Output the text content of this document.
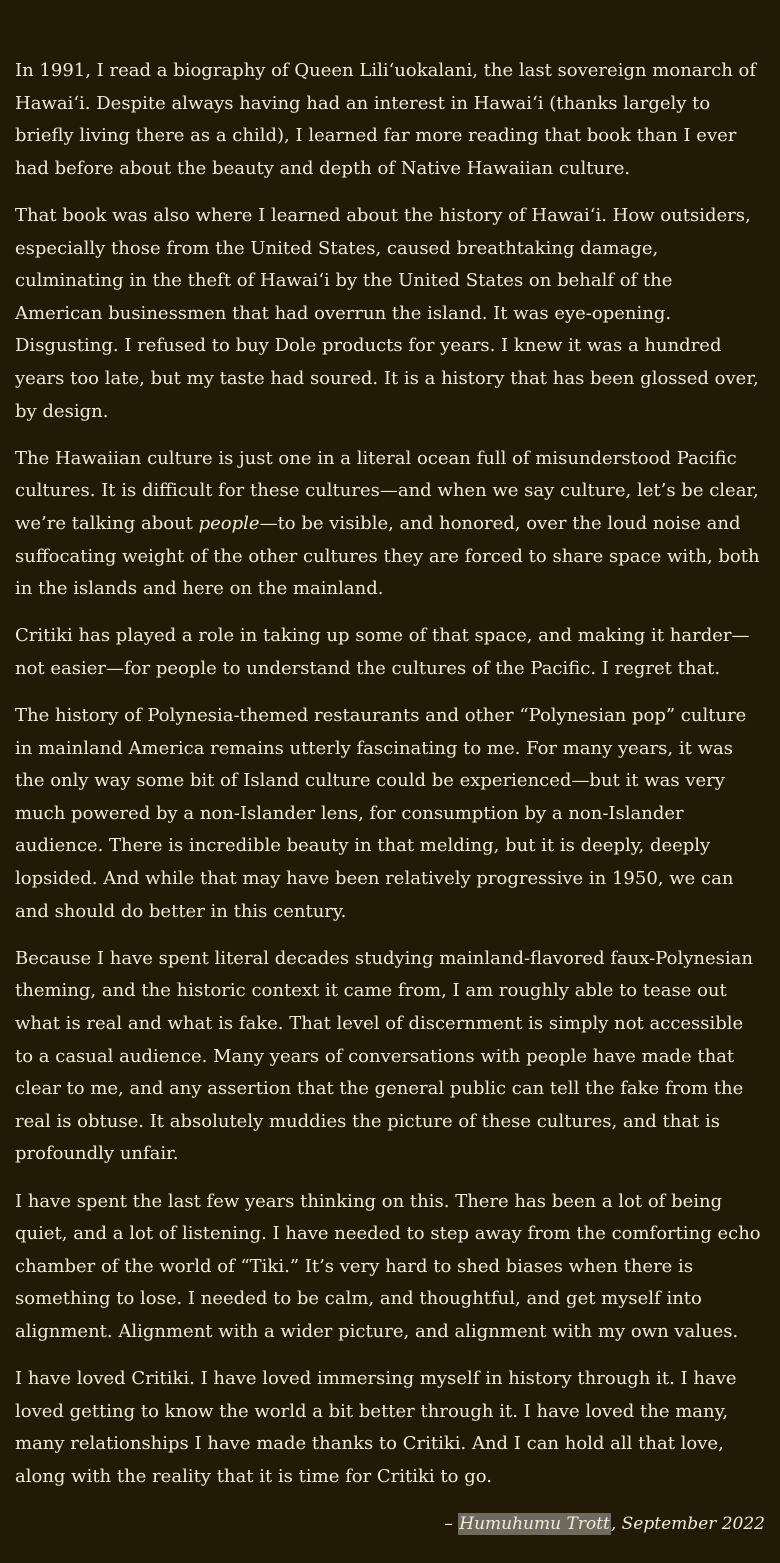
In 1991, I read a biography of Queen Liliʻuokalani, the last sovereign monarch of Hawaiʻi. Despite always having had an interest in Hawaiʻi (thanks largely to briefly living there as a child), I learned far more reading that book than I ever had before about the beauty and depth of Native Hawaiian culture.

That book was also where I learned about the history of Hawaiʻi. How outsiders, especially those from the United States, caused breathtaking damage, culminating in the theft of Hawaiʻi by the United States on behalf of the American businessmen that had overrun the island. It was eye-opening. Disgusting. I refused to buy Dole products for years. I knew it was a hundred years too late, but my taste had soured. It is a history that has been glossed over, by design.

The Hawaiian culture is just one in a literal ocean full of misunderstood Pacific cultures. It is difficult for these cultures—and when we say culture, let’s be clear, we’re talking about people—to be visible, and honored, over the loud noise and suffocating weight of the other cultures they are forced to share space with, both in the islands and here on the mainland.

Critiki has played a role in taking up some of that space, and making it harder—not easier—for people to understand the cultures of the Pacific. I regret that.

The history of Polynesia-themed restaurants and other “Polynesian pop” culture in mainland America remains utterly fascinating to me. For many years, it was the only way some bit of Island culture could be experienced—but it was very much powered by a non-Islander lens, for consumption by a non-Islander audience. There is incredible beauty in that melding, but it is deeply, deeply lopsided. And while that may have been relatively progressive in 1950, we can and should do better in this century.

Because I have spent literal decades studying mainland-flavored faux-Polynesian theming, and the historic context it came from, I am roughly able to tease out what is real and what is fake. That level of discernment is simply not accessible to a casual audience. Many years of conversations with people have made that clear to me, and any assertion that the general public can tell the fake from the real is obtuse. It absolutely muddies the picture of these cultures, and that is profoundly unfair.

I have spent the last few years thinking on this. There has been a lot of being quiet, and a lot of listening. I have needed to step away from the comforting echo chamber of the world of “Tiki.” It’s very hard to shed biases when there is something to lose. I needed to be calm, and thoughtful, and get myself into alignment. Alignment with a wider picture, and alignment with my own values.

I have loved Critiki. I have loved immersing myself in history through it. I have loved getting to know the world a bit better through it. I have loved the many, many relationships I have made thanks to Critiki. And I can hold all that love, along with the reality that it is time for Critiki to go.

– Humuhumu Trott, September 2022
